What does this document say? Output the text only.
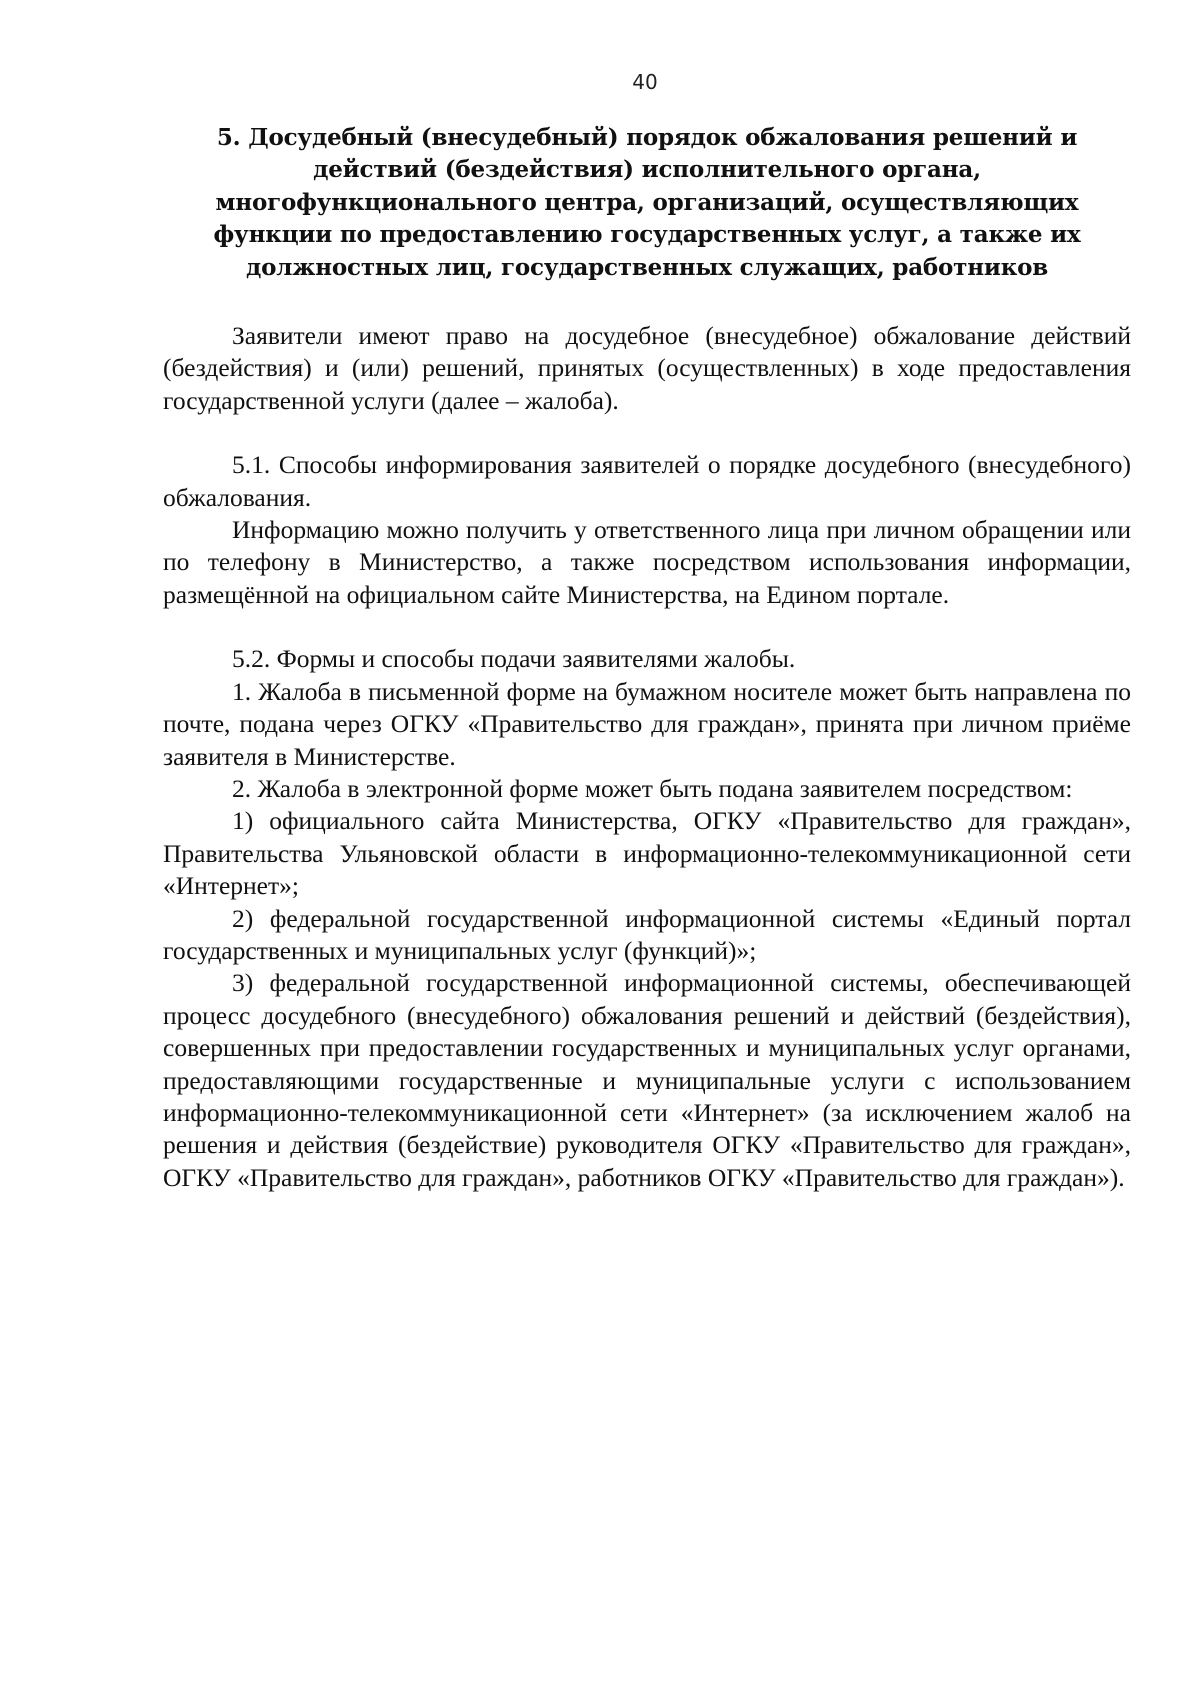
40
5. Досудебный (внесудебный) порядок обжалования решений и действий (бездействия) исполнительного органа, многофункционального центра, организаций, осуществляющих функции по предоставлению государственных услуг, а также их должностных лиц, государственных служащих, работников

Заявители имеют право на досудебное (внесудебное) обжалование действий (бездействия) и (или) решений, принятых (осуществленных) в ходе предоставления государственной услуги (далее – жалоба).

5.1. Способы информирования заявителей о порядке досудебного (внесудебного) обжалования.

Информацию можно получить у ответственного лица при личном обращении или по телефону в Министерство, а также посредством использования информации, размещённой на официальном сайте Министерства, на Едином портале.

5.2. Формы и способы подачи заявителями жалобы.

1. Жалоба в письменной форме на бумажном носителе может быть направлена по почте, подана через ОГКУ «Правительство для граждан», принята при личном приёме заявителя в Министерстве.

2. Жалоба в электронной форме может быть подана заявителем посредством:

1) официального сайта Министерства, ОГКУ «Правительство для граждан», Правительства Ульяновской области в информационно-телекоммуникационной сети «Интернет»;

2) федеральной государственной информационной системы «Единый портал государственных и муниципальных услуг (функций)»;

3) федеральной государственной информационной системы, обеспечивающей процесс досудебного (внесудебного) обжалования решений и действий (бездействия), совершенных при предоставлении государственных и муниципальных услуг органами, предоставляющими государственные и муниципальные услуги с использованием информационно-телекоммуникационной сети «Интернет» (за исключением жалоб на решения и действия (бездействие) руководителя ОГКУ «Правительство для граждан», ОГКУ «Правительство для граждан», работников ОГКУ «Правительство для граждан»).
